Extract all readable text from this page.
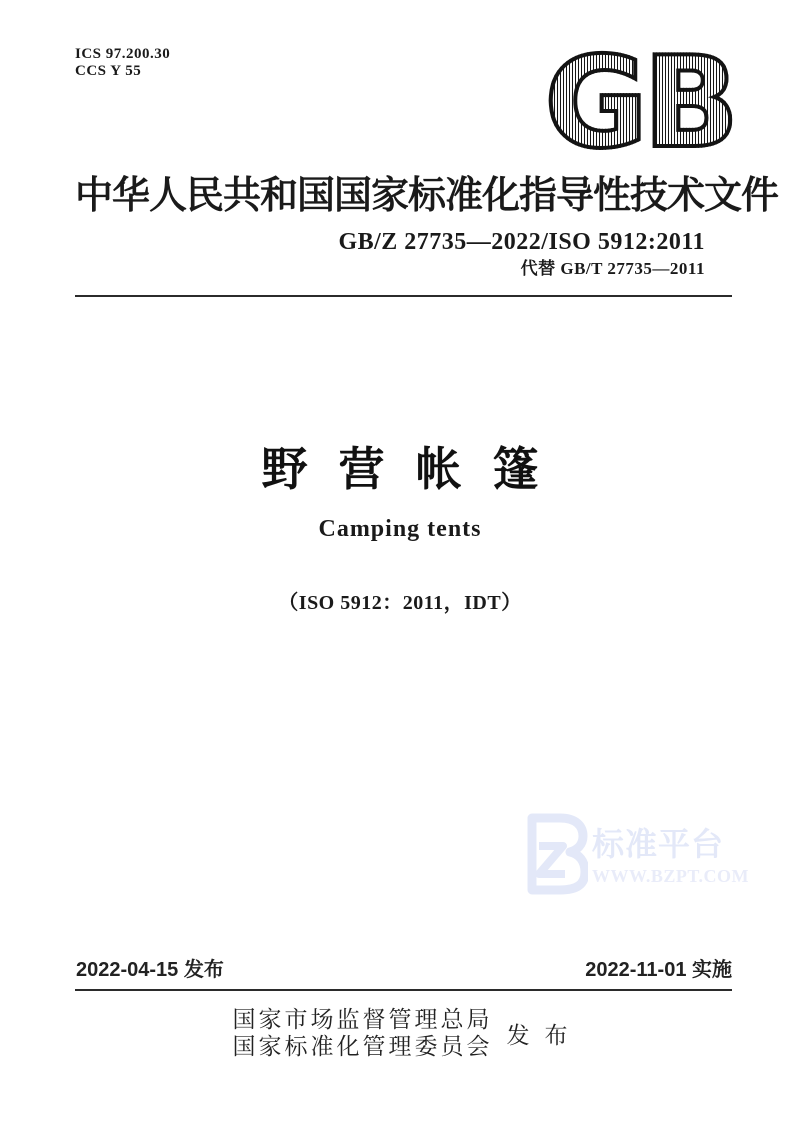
ICS 97.200.30
CCS Y 55	GB
中华人民共和国国家标准化指导性技术文件
GB/Z 27735—2022/ISO 5912:2011
代替 GB/T 27735—2011
野营帐篷
Camping tents
（ISO 5912：2011，IDT）
标准平台
WWW.BZPT.COM
2022-04-15 发布	2022-11-01 实施
国家市场监督管理总局
国家标准化管理委员会 发布
